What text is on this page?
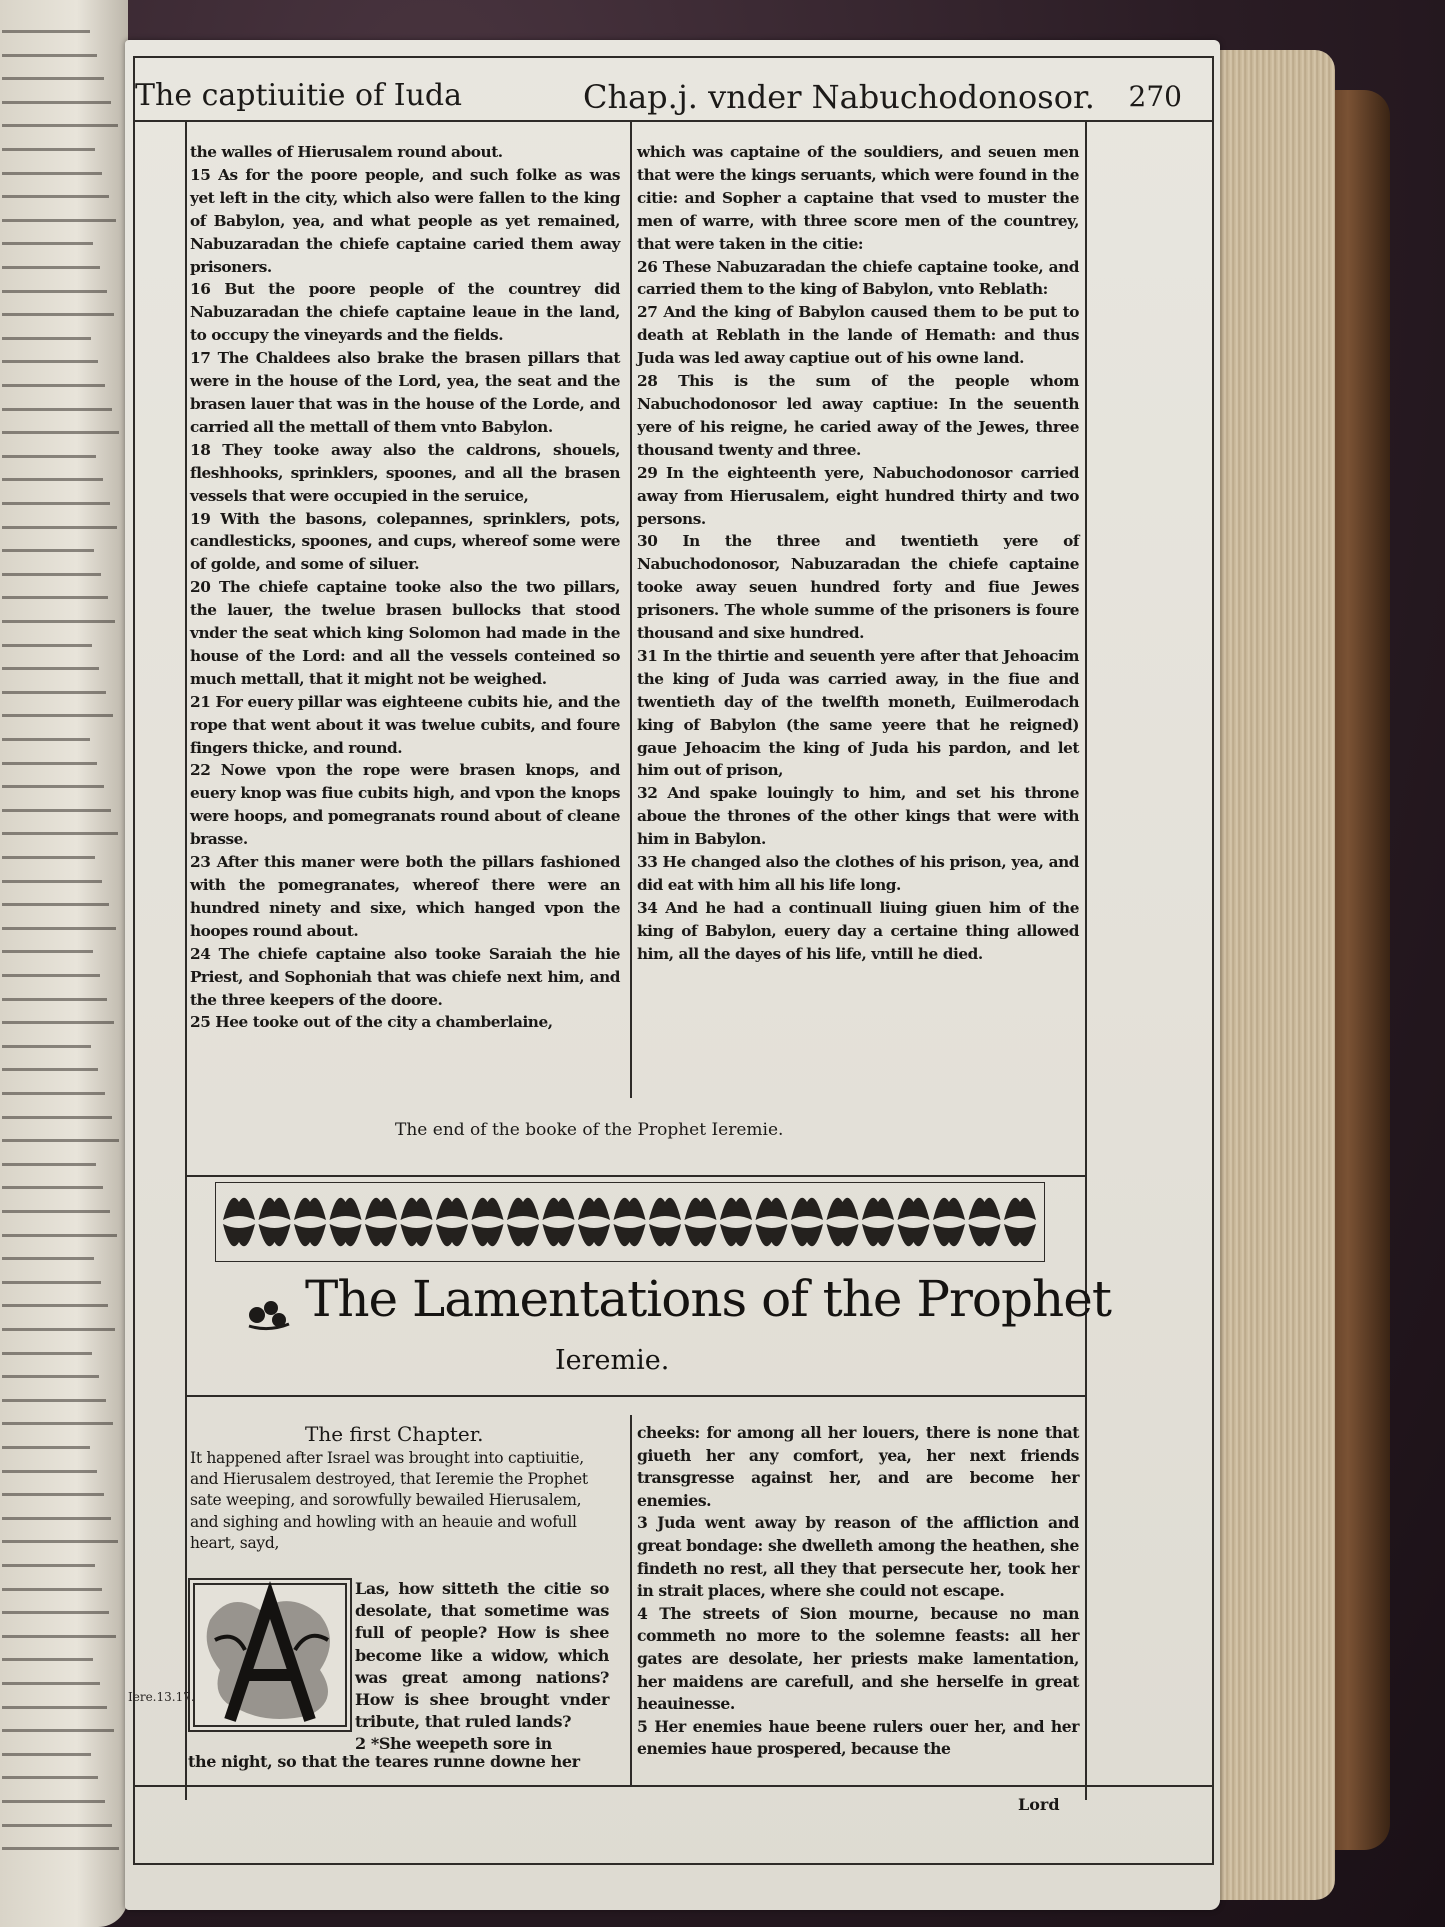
The captiuitie of Iuda	Chap.j. vnder Nabuchodonosor. 270

the walles of Hierusalem round about.

15 As for the poore people, and such folke as was yet left in the city, which also were fallen to the king of Babylon, yea, and what people as yet remained, Nabuzaradan the chiefe captaine caried them away prisoners.

16 But the poore people of the countrey did Nabuzaradan the chiefe captaine leaue in the land, to occupy the vineyards and the fields.

17 The Chaldees also brake the brasen pillars that were in the house of the Lord, yea, the seat and the brasen lauer that was in the house of the Lorde, and carried all the mettall of them vnto Babylon.

18 They tooke away also the caldrons, shouels, fleshhooks, sprinklers, spoones, and all the brasen vessels that were occupied in the seruice,

19 With the basons, colepannes, sprinklers, pots, candlesticks, spoones, and cups, whereof some were of golde, and some of siluer.

20 The chiefe captaine tooke also the two pillars, the lauer, the twelue brasen bullocks that stood vnder the seat which king Solomon had made in the house of the Lord: and all the vessels conteined so much mettall, that it might not be weighed.

21 For euery pillar was eighteene cubits hie, and the rope that went about it was twelue cubits, and foure fingers thicke, and round.

22 Nowe vpon the rope were brasen knops, and euery knop was fiue cubits high, and vpon the knops were hoops, and pomegranats round about of cleane brasse.

23 After this maner were both the pillars fashioned with the pomegranates, whereof there were an hundred ninety and sixe, which hanged vpon the hoopes round about.

24 The chiefe captaine also tooke Saraiah the hie Priest, and Sophoniah that was chiefe next him, and the three keepers of the doore.

25 Hee tooke out of the city a chamberlaine,

which was captaine of the souldiers, and seuen men that were the kings seruants, which were found in the citie: and Sopher a captaine that vsed to muster the men of warre, with three score men of the countrey, that were taken in the citie:

26 These Nabuzaradan the chiefe captaine tooke, and carried them to the king of Babylon, vnto Reblath:

27 And the king of Babylon caused them to be put to death at Reblath in the lande of Hemath: and thus Juda was led away captiue out of his owne land.

28 This is the sum of the people whom Nabuchodonosor led away captiue: In the seuenth yere of his reigne, he caried away of the Jewes, three thousand twenty and three.

29 In the eighteenth yere, Nabuchodonosor carried away from Hierusalem, eight hundred thirty and two persons.

30 In the three and twentieth yere of Nabuchodonosor, Nabuzaradan the chiefe captaine tooke away seuen hundred forty and fiue Jewes prisoners. The whole summe of the prisoners is foure thousand and sixe hundred.

31 In the thirtie and seuenth yere after that Jehoacim the king of Juda was carried away, in the fiue and twentieth day of the twelfth moneth, Euilmerodach king of Babylon (the same yeere that he reigned) gaue Jehoacim the king of Juda his pardon, and let him out of prison,

32 And spake louingly to him, and set his throne aboue the thrones of the other kings that were with him in Babylon.

33 He changed also the clothes of his prison, yea, and did eat with him all his life long.

34 And he had a continuall liuing giuen him of the king of Babylon, euery day a certaine thing allowed him, all the dayes of his life, vntill he died.

The end of the booke of the Prophet Ieremie.
The Lamentations of the Prophet
Ieremie.
The first Chapter.
It happened after Israel was brought into captiuitie, and Hierusalem destroyed, that Ieremie the Prophet sate weeping, and sorowfully bewailed Hierusalem, and sighing and howling with an heauie and wofull heart, sayd,

Las, how sitteth the citie so desolate, that sometime was full of people? How is shee become like a widow, which was great among nations? How is shee brought vnder tribute, that ruled lands?

2 *She weepeth sore in

Iere.13.17.
the night, so that the teares runne downe her

cheeks: for among all her louers, there is none that giueth her any comfort, yea, her next friends transgresse against her, and are become her enemies.

3 Juda went away by reason of the affliction and great bondage: she dwelleth among the heathen, she findeth no rest, all they that persecute her, took her in strait places, where she could not escape.

4 The streets of Sion mourne, because no man commeth no more to the solemne feasts: all her gates are desolate, her priests make lamentation, her maidens are carefull, and she herselfe in great heauinesse.

5 Her enemies haue beene rulers ouer her, and her enemies haue prospered, because the

Lord
